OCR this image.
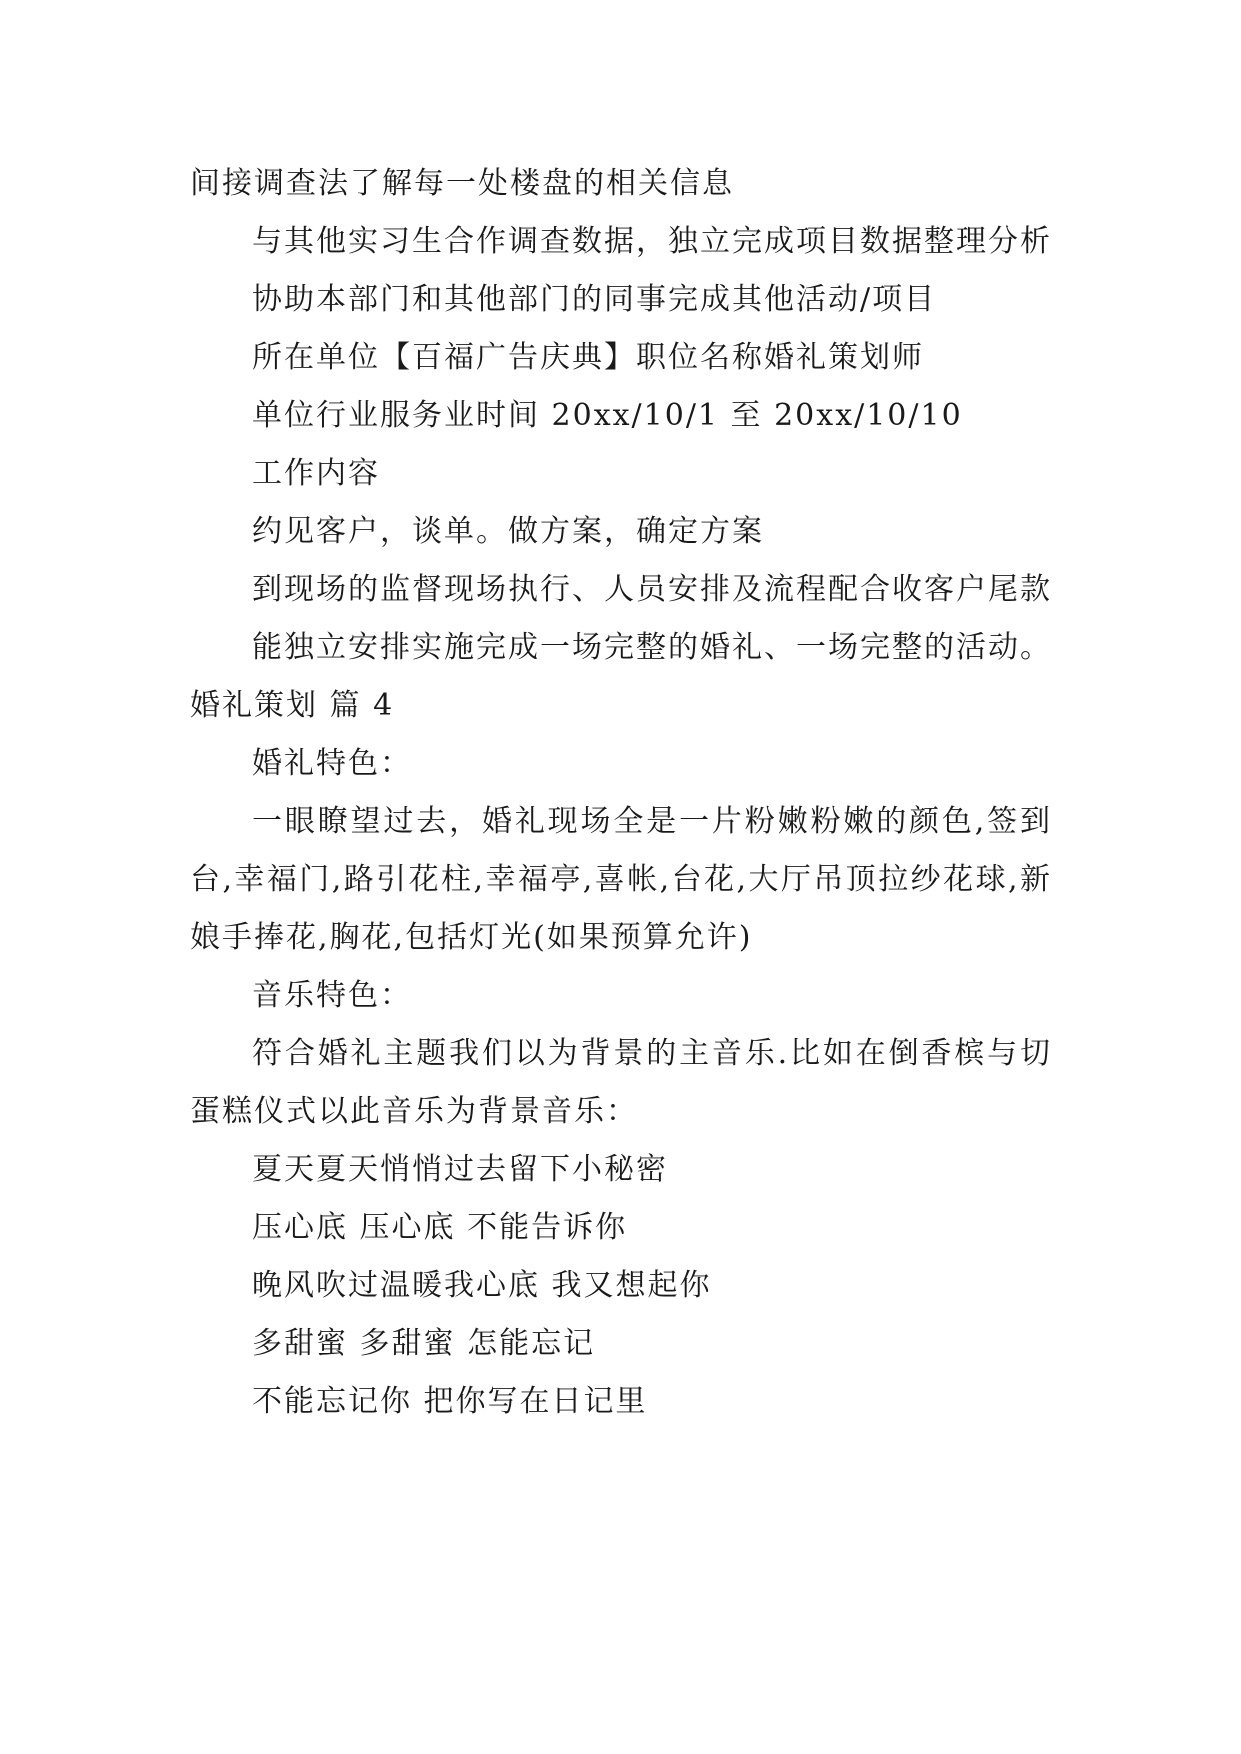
间接调查法了解每一处楼盘的相关信息

与其他实习生合作调查数据，独立完成项目数据整理分析

协助本部门和其他部门的同事完成其他活动/项目

所在单位【百福广告庆典】职位名称婚礼策划师

单位行业服务业时间 20xx/10/1 至 20xx/10/10

工作内容

约见客户，谈单。做方案，确定方案

到现场的监督现场执行、人员安排及流程配合收客户尾款

能独立安排实施完成一场完整的婚礼、一场完整的活动。

婚礼策划 篇 4

婚礼特色：

一眼瞭望过去，婚礼现场全是一片粉嫩粉嫩的颜色,签到台,幸福门,路引花柱,幸福亭,喜帐,台花,大厅吊顶拉纱花球,新娘手捧花,胸花,包括灯光(如果预算允许)

音乐特色：

符合婚礼主题我们以为背景的主音乐.比如在倒香槟与切蛋糕仪式以此音乐为背景音乐：

夏天夏天悄悄过去留下小秘密

压心底 压心底 不能告诉你

晚风吹过温暖我心底 我又想起你

多甜蜜 多甜蜜 怎能忘记

不能忘记你 把你写在日记里
